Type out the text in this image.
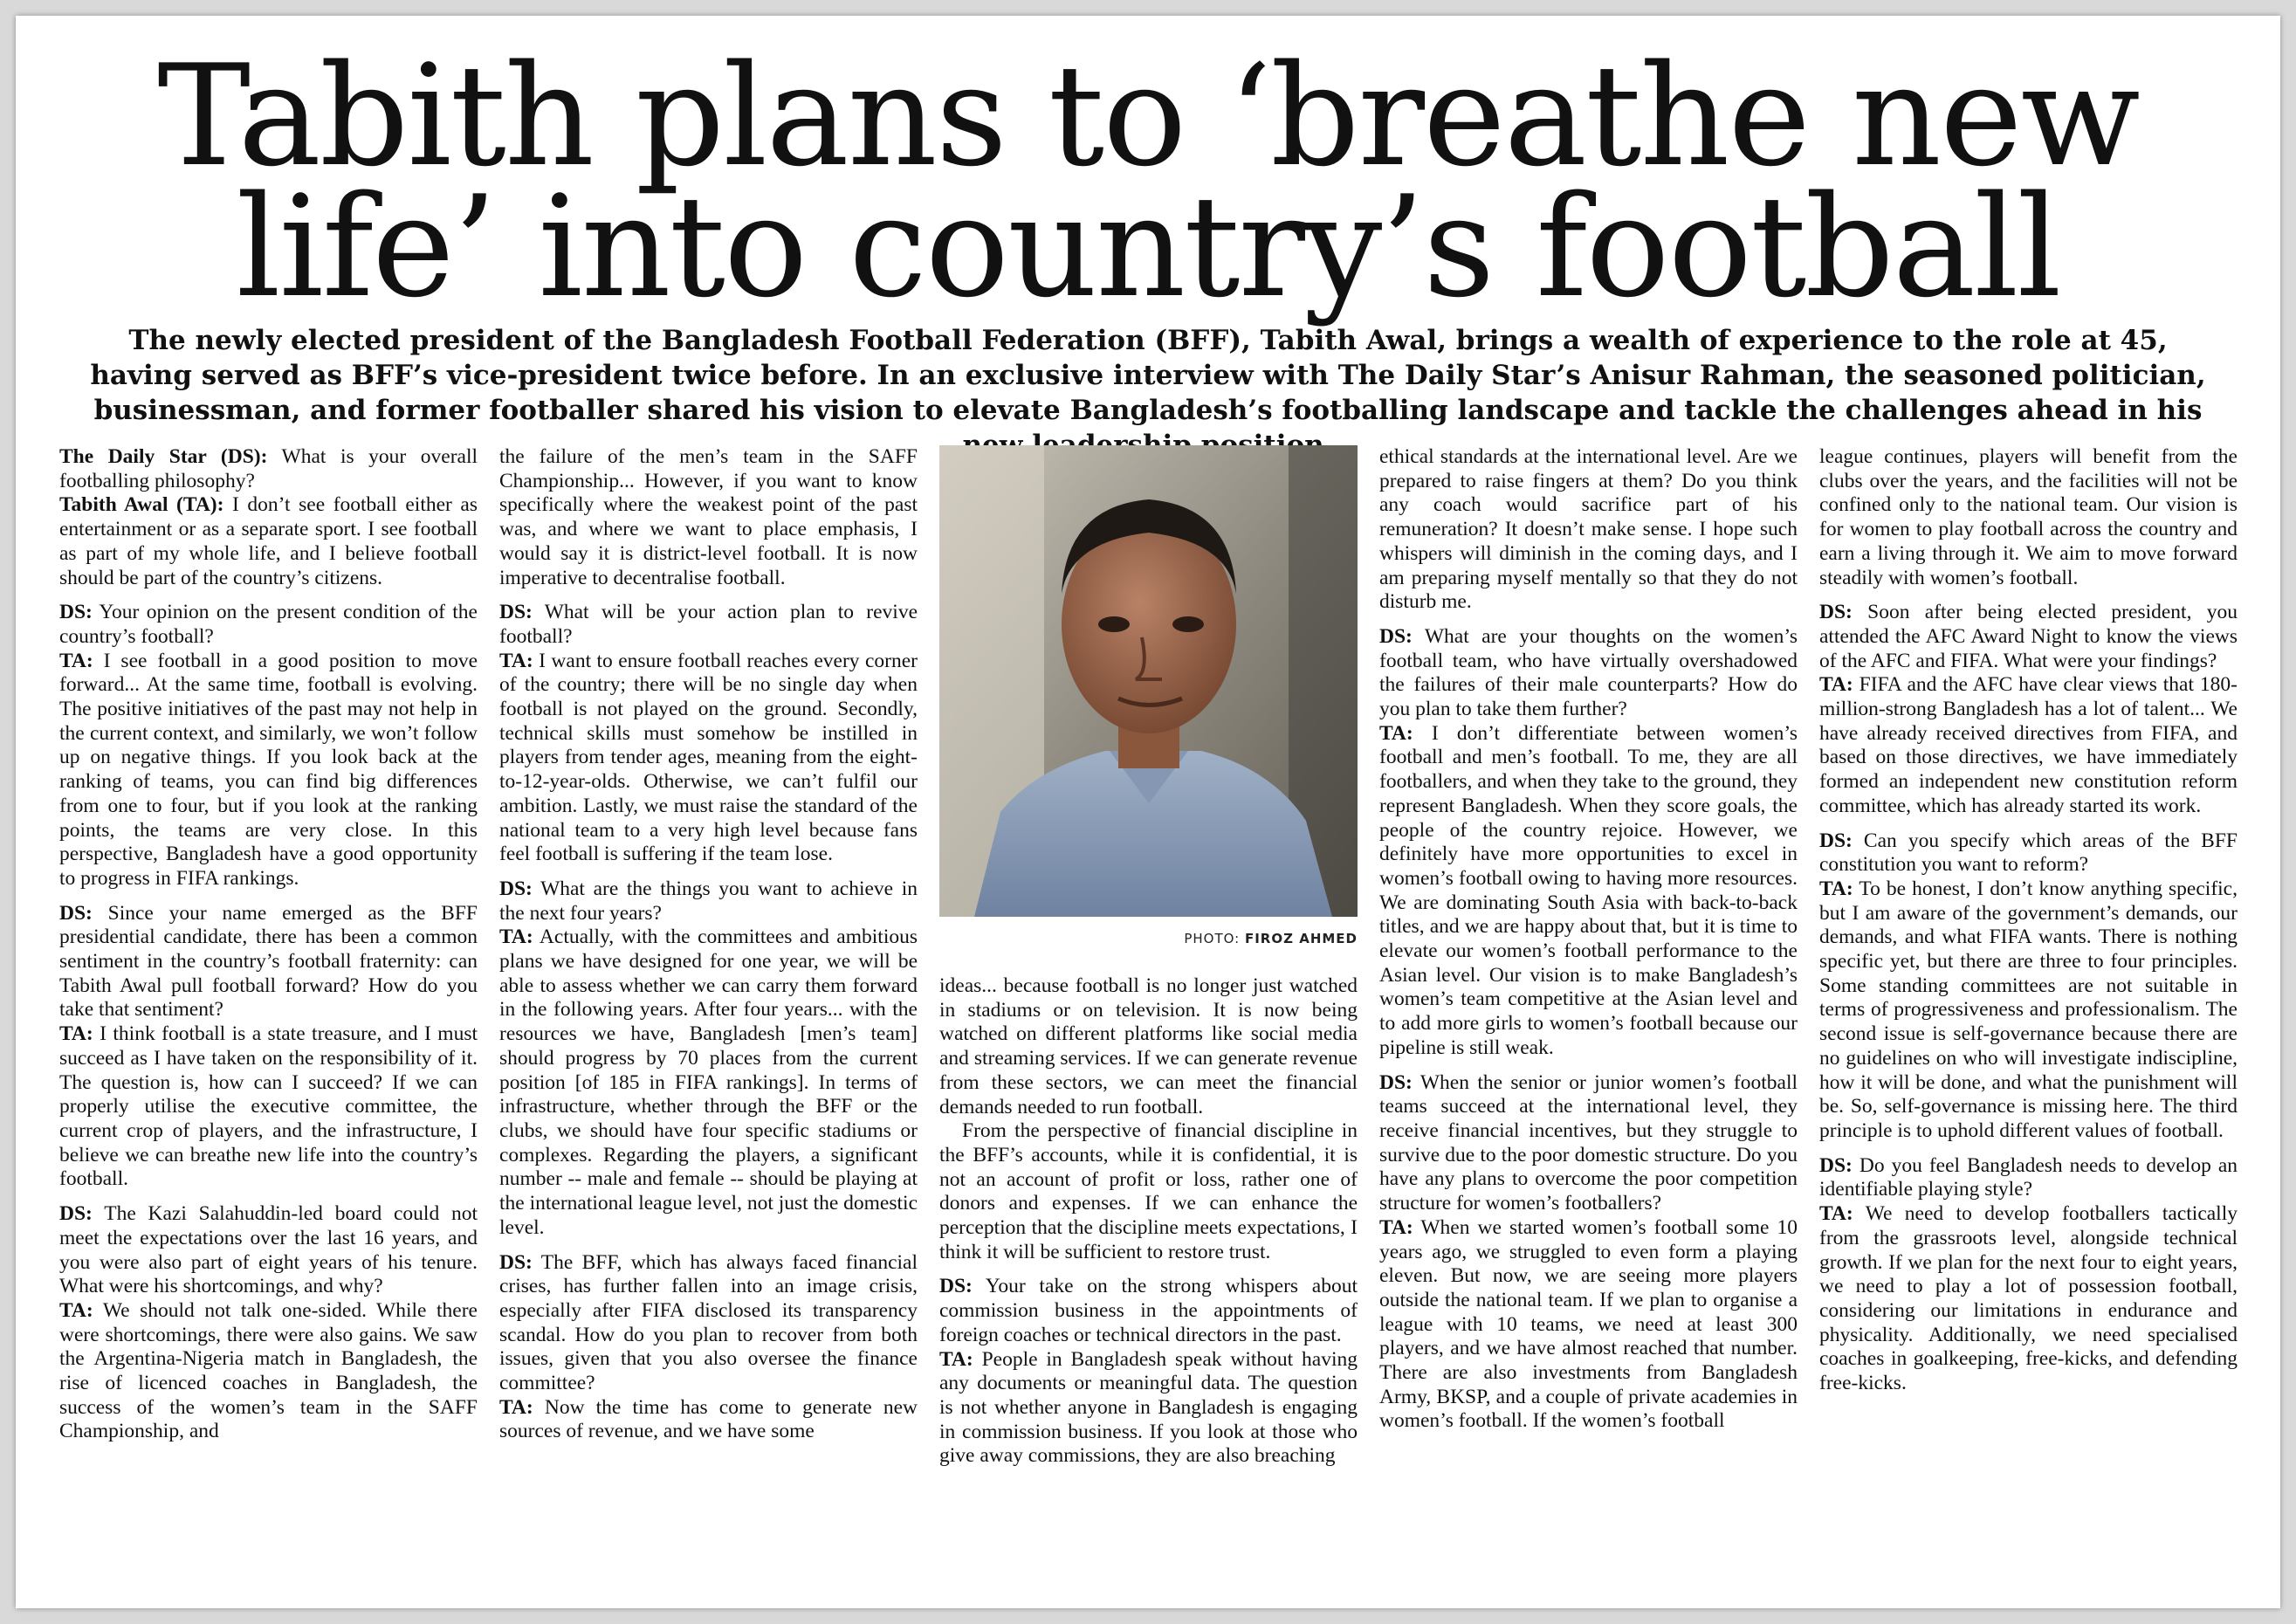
Tabith plans to ‘breathe new life’ into country’s football
The newly elected president of the Bangladesh Football Federation (BFF), Tabith Awal, brings a wealth of experience to the role at 45, having served as BFF’s vice-president twice before. In an exclusive interview with The Daily Star’s Anisur Rahman, the seasoned politician, businessman, and former footballer shared his vision to elevate Bangladesh’s footballing landscape and tackle the challenges ahead in his

The Daily Star (DS): What is your overall footballing philosophy?
Tabith Awal (TA): I don’t see football either as entertainment or as a separate sport. I see football as part of my whole life, and I believe football should be part of the country’s citizens.

DS: Your opinion on the present condition of the country’s football?
TA: I see football in a good position to move forward... At the same time, football is evolving. The positive initiatives of the past may not help in the current context, and similarly, we won’t follow up on negative things. If you look back at the ranking of teams, you can find big differences from one to four, but if you look at the ranking points, the teams are very close. In this perspective, Bangladesh have a good opportunity to progress in FIFA rankings.

DS: Since your name emerged as the BFF presidential candidate, there has been a common sentiment in the country’s football fraternity: can Tabith Awal pull football forward? How do you take that sentiment?
TA: I think football is a state treasure, and I must succeed as I have taken on the responsibility of it. The question is, how can I succeed? If we can properly utilise the executive committee, the current crop of players, and the infrastructure, I believe we can breathe new life into the country’s football.

DS: The Kazi Salahuddin-led board could not meet the expectations over the last 16 years, and you were also part of eight years of his tenure. What were his shortcomings, and why?
TA: We should not talk one-sided. While there were shortcomings, there were also gains. We saw the Argentina-Nigeria match in Bangladesh, the rise of licenced coaches in Bangladesh, the success of the women’s team in the SAFF Championship, and

the failure of the men’s team in the SAFF Championship... However, if you want to know specifically where the weakest point of the past was, and where we want to place emphasis, I would say it is district-level football. It is now imperative to decentralise football.

DS: What will be your action plan to revive football?
TA: I want to ensure football reaches every corner of the country; there will be no single day when football is not played on the ground. Secondly, technical skills must somehow be instilled in players from tender ages, meaning from the eight-to-12-year-olds. Otherwise, we can’t fulfil our ambition. Lastly, we must raise the standard of the national team to a very high level because fans feel football is suffering if the team lose.

DS: What are the things you want to achieve in the next four years?
TA: Actually, with the committees and ambitious plans we have designed for one year, we will be able to assess whether we can carry them forward in the following years. After four years... with the resources we have, Bangladesh [men’s team] should progress by 70 places from the current position [of 185 in FIFA rankings]. In terms of infrastructure, whether through the BFF or the clubs, we should have four specific stadiums or complexes. Regarding the players, a significant number -- male and female -- should be playing at the international league level, not just the domestic level.

DS: The BFF, which has always faced financial crises, has further fallen into an image crisis, especially after FIFA disclosed its transparency scandal. How do you plan to recover from both issues, given that you also oversee the finance committee?
TA: Now the time has come to generate new sources of revenue, and we have some

PHOTO: FIROZ AHMED

ideas... because football is no longer just watched in stadiums or on television. It is now being watched on different platforms like social media and streaming services. If we can generate revenue from these sectors, we can meet the financial demands needed to run football.

From the perspective of financial discipline in the BFF’s accounts, while it is confidential, it is not an account of profit or loss, rather one of donors and expenses. If we can enhance the perception that the discipline meets expectations, I think it will be sufficient to restore trust.

DS: Your take on the strong whispers about commission business in the appointments of foreign coaches or technical directors in the past.
TA: People in Bangladesh speak without having any documents or meaningful data. The question is not whether anyone in Bangladesh is engaging in commission business. If you look at those who give away commissions, they are also breaching

ethical standards at the international level. Are we prepared to raise fingers at them? Do you think any coach would sacrifice part of his remuneration? It doesn’t make sense. I hope such whispers will diminish in the coming days, and I am preparing myself mentally so that they do not disturb me.

DS: What are your thoughts on the women’s football team, who have virtually overshadowed the failures of their male counterparts? How do you plan to take them further?
TA: I don’t differentiate between women’s football and men’s football. To me, they are all footballers, and when they take to the ground, they represent Bangladesh. When they score goals, the people of the country rejoice. However, we definitely have more opportunities to excel in women’s football owing to having more resources. We are dominating South Asia with back-to-back titles, and we are happy about that, but it is time to elevate our women’s football performance to the Asian level. Our vision is to make Bangladesh’s women’s team competitive at the Asian level and to add more girls to women’s football because our pipeline is still weak.

DS: When the senior or junior women’s football teams succeed at the international level, they receive financial incentives, but they struggle to survive due to the poor domestic structure. Do you have any plans to overcome the poor competition structure for women’s footballers?
TA: When we started women’s football some 10 years ago, we struggled to even form a playing eleven. But now, we are seeing more players outside the national team. If we plan to organise a league with 10 teams, we need at least 300 players, and we have almost reached that number. There are also investments from Bangladesh Army, BKSP, and a couple of private academies in women’s football. If the women’s football

league continues, players will benefit from the clubs over the years, and the facilities will not be confined only to the national team. Our vision is for women to play football across the country and earn a living through it. We aim to move forward steadily with women’s football.

DS: Soon after being elected president, you attended the AFC Award Night to know the views of the AFC and FIFA. What were your findings?
TA: FIFA and the AFC have clear views that 180-million-strong Bangladesh has a lot of talent... We have already received directives from FIFA, and based on those directives, we have immediately formed an independent new constitution reform committee, which has already started its work.

DS: Can you specify which areas of the BFF constitution you want to reform?
TA: To be honest, I don’t know anything specific, but I am aware of the government’s demands, our demands, and what FIFA wants. There is nothing specific yet, but there are three to four principles. Some standing committees are not suitable in terms of progressiveness and professionalism. The second issue is self-governance because there are no guidelines on who will investigate indiscipline, how it will be done, and what the punishment will be. So, self-governance is missing here. The third principle is to uphold different values of football.

DS: Do you feel Bangladesh needs to develop an identifiable playing style?
TA: We need to develop footballers tactically from the grassroots level, alongside technical growth. If we plan for the next four to eight years, we need to play a lot of possession football, considering our limitations in endurance and physicality. Additionally, we need specialised coaches in goalkeeping, free-kicks, and defending free-kicks.
